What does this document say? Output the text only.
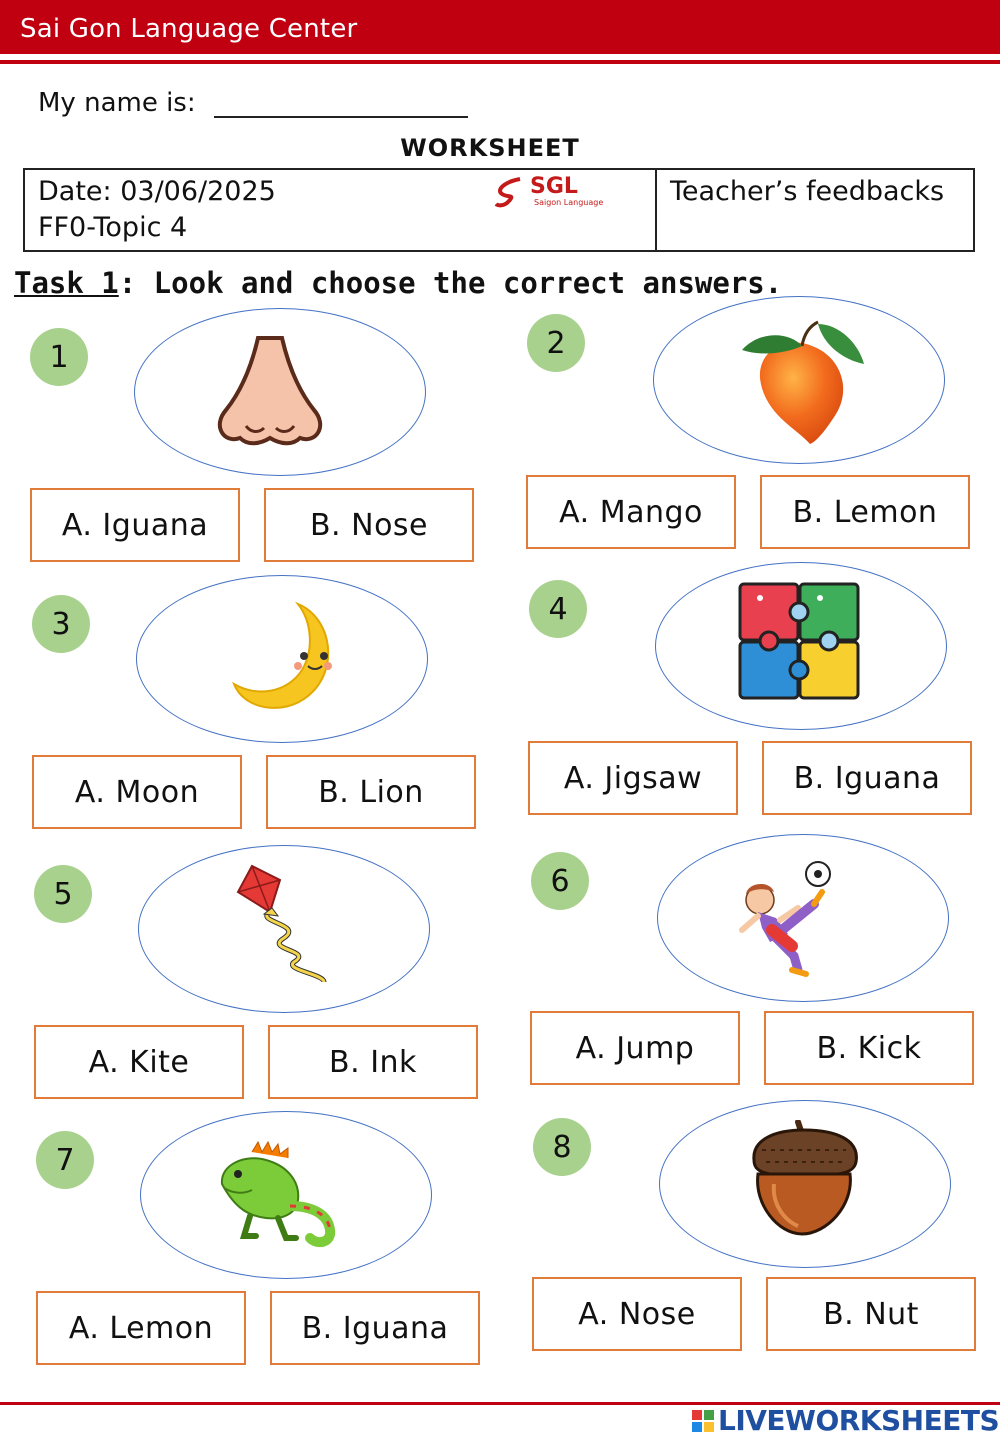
Sai Gon Language Center
My name is:
WORKSHEET
Date: 03/06/2025
FF0-Topic 4
Teacher’s feedbacks
SGL
Saigon Language
Task 1: Look and choose the correct answers.
1
A. Iguana	B. Nose
2
A. Mango	B. Lemon
3
A. Moon	B. Lion
4
A. Jigsaw	B. Iguana
5
A. Kite	B. Ink
6
A. Jump	B. Kick
7
A. Lemon	B. Iguana
8
A. Nose	B. Nut
LIVEWORKSHEETS
